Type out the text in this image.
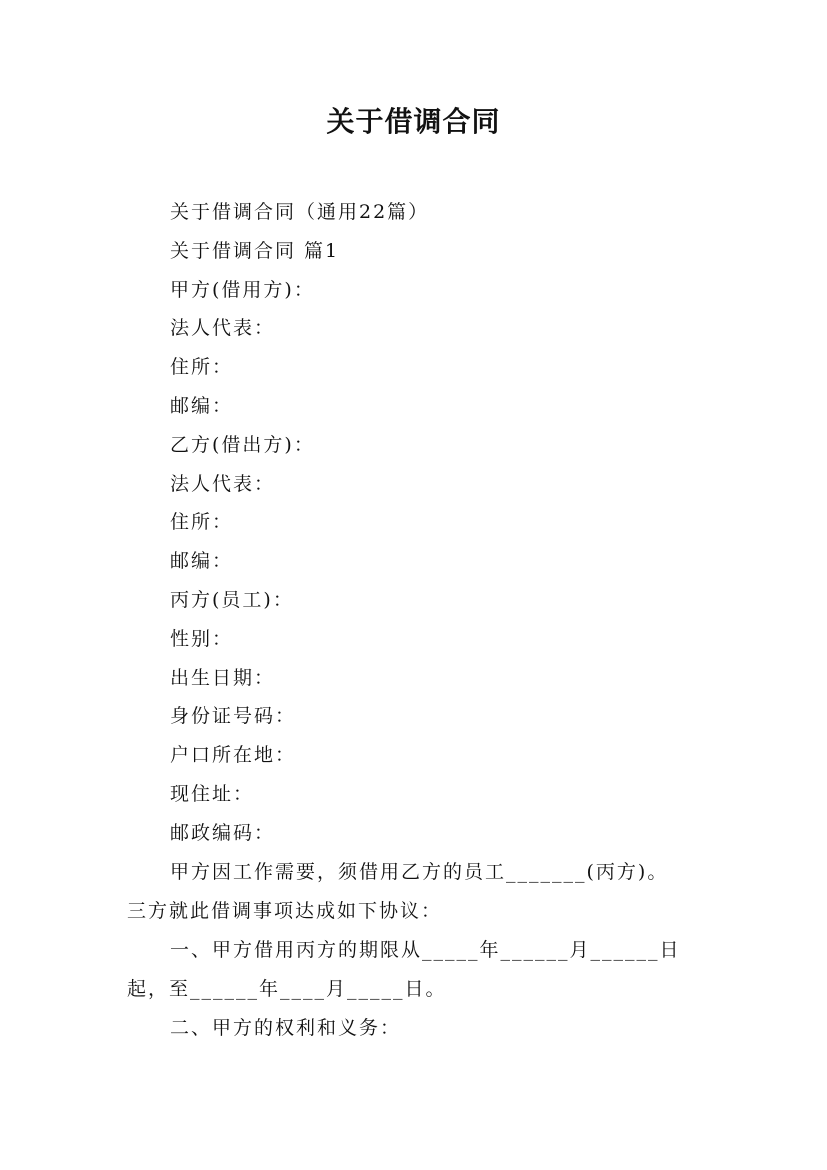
关于借调合同
关于借调合同（通用22篇）
关于借调合同 篇1
甲方(借用方)：
法人代表：
住所：
邮编：
乙方(借出方)：
法人代表：
住所：
邮编：
丙方(员工)：
性别：
出生日期：
身份证号码：
户口所在地：
现住址：
邮政编码：
甲方因工作需要，须借用乙方的员工_______(丙方)。
三方就此借调事项达成如下协议：
一、甲方借用丙方的期限从_____年______月______日
起，至______年____月_____日。
二、甲方的权利和义务：
